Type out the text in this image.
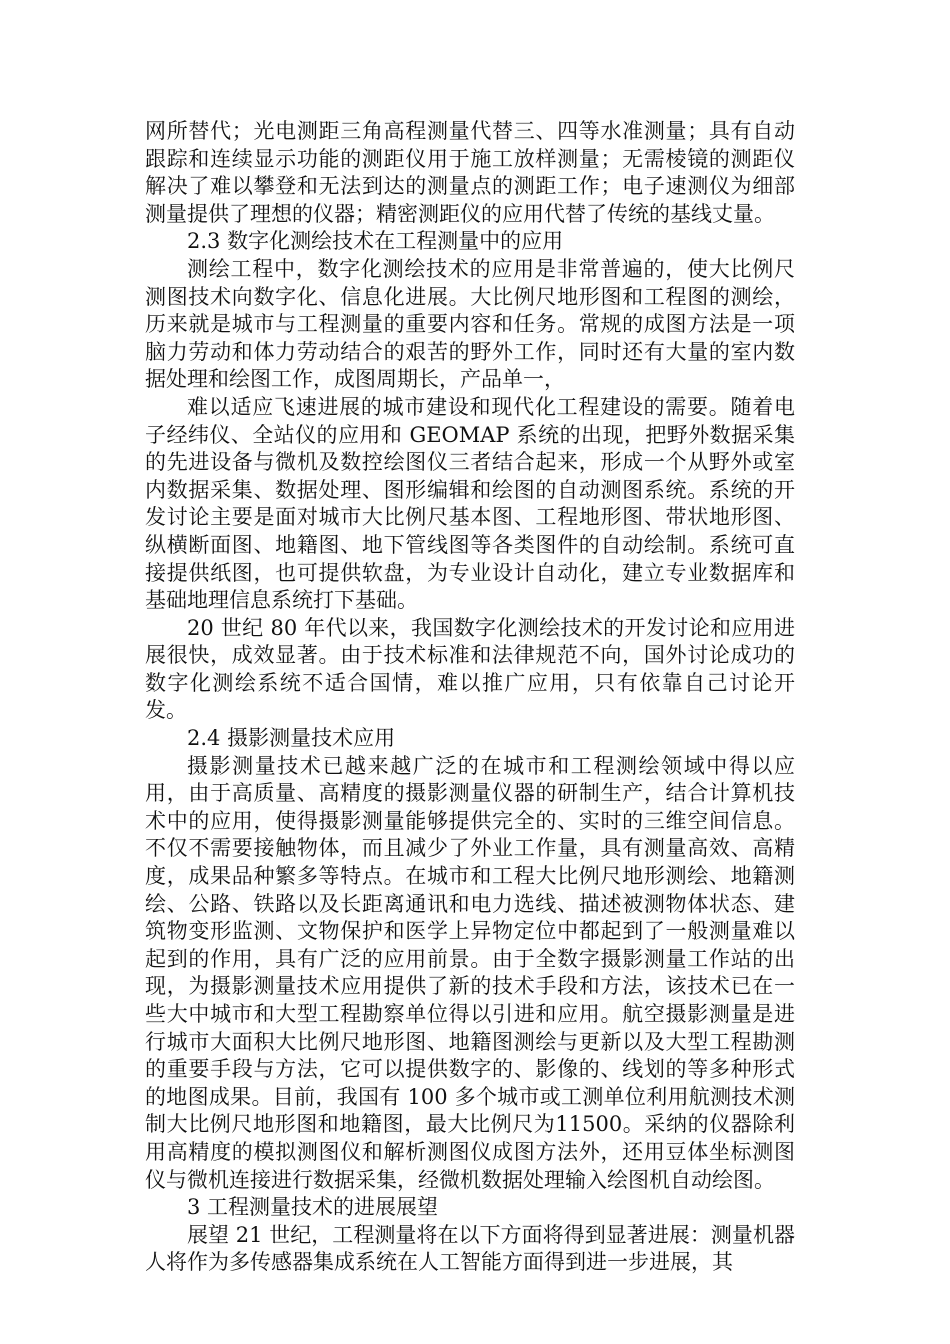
网所替代；光电测距三角高程测量代替三、四等水准测量；具有自动跟踪和连续显示功能的测距仪用于施工放样测量；无需棱镜的测距仪解决了难以攀登和无法到达的测量点的测距工作；电子速测仪为细部测量提供了理想的仪器；精密测距仪的应用代替了传统的基线丈量。

2.3 数字化测绘技术在工程测量中的应用

测绘工程中，数字化测绘技术的应用是非常普遍的，使大比例尺测图技术向数字化、信息化进展。大比例尺地形图和工程图的测绘，历来就是城市与工程测量的重要内容和任务。常规的成图方法是一项脑力劳动和体力劳动结合的艰苦的野外工作，同时还有大量的室内数据处理和绘图工作，成图周期长，产品单一，

难以适应飞速进展的城市建设和现代化工程建设的需要。随着电子经纬仪、全站仪的应用和 GEOMAP 系统的出现，把野外数据采集的先进设备与微机及数控绘图仪三者结合起来，形成一个从野外或室内数据采集、数据处理、图形编辑和绘图的自动测图系统。系统的开发讨论主要是面对城市大比例尺基本图、工程地形图、带状地形图、纵横断面图、地籍图、地下管线图等各类图件的自动绘制。系统可直接提供纸图，也可提供软盘，为专业设计自动化，建立专业数据库和基础地理信息系统打下基础。

20 世纪 80 年代以来，我国数字化测绘技术的开发讨论和应用进展很快，成效显著。由于技术标准和法律规范不向，国外讨论成功的数字化测绘系统不适合国情，难以推广应用，只有依靠自己讨论开发。

2.4 摄影测量技术应用

摄影测量技术已越来越广泛的在城市和工程测绘领域中得以应用，由于高质量、高精度的摄影测量仪器的研制生产，结合计算机技术中的应用，使得摄影测量能够提供完全的、实时的三维空间信息。不仅不需要接触物体，而且减少了外业工作量，具有测量高效、高精度，成果品种繁多等特点。在城市和工程大比例尺地形测绘、地籍测绘、公路、铁路以及长距离通讯和电力选线、描述被测物体状态、建筑物变形监测、文物保护和医学上异物定位中都起到了一般测量难以起到的作用，具有广泛的应用前景。由于全数字摄影测量工作站的出现，为摄影测量技术应用提供了新的技术手段和方法，该技术已在一些大中城市和大型工程勘察单位得以引进和应用。航空摄影测量是进行城市大面积大比例尺地形图、地籍图测绘与更新以及大型工程勘测的重要手段与方法，它可以提供数字的、影像的、线划的等多种形式的地图成果。目前，我国有 100 多个城市或工测单位利用航测技术测制大比例尺地形图和地籍图，最大比例尺为11500。采纳的仪器除利用高精度的模拟测图仪和解析测图仪成图方法外，还用豆体坐标测图仪与微机连接进行数据采集，经微机数据处理输入绘图机自动绘图。

3 工程测量技术的进展展望

展望 21 世纪，工程测量将在以下方面将得到显著进展：测量机器人将作为多传感器集成系统在人工智能方面得到进一步进展，其
